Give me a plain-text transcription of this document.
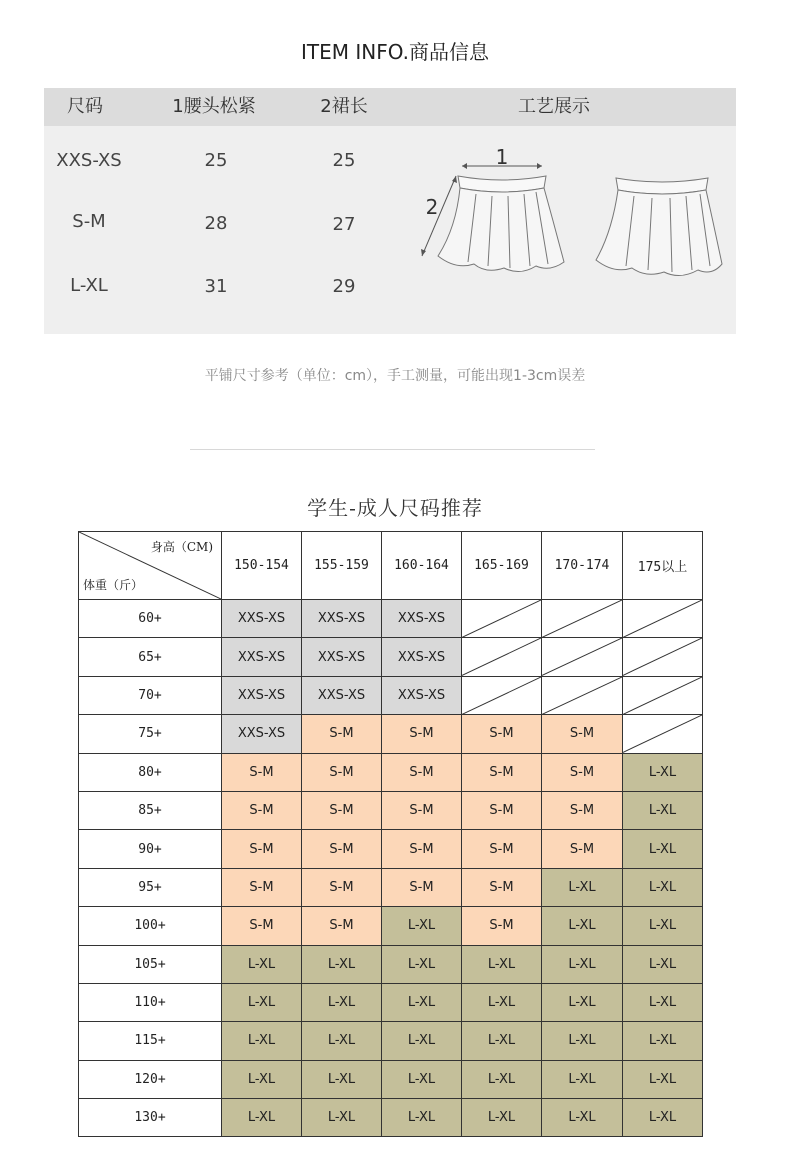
ITEM INFO.商品信息
尺码	1腰头松紧	2裙长	工艺展示
XXS-XS	25	25
S-M	28	27
L-XL	31	29
1
2
平铺尺寸参考（单位：cm），手工测量，可能出现1-3cm误差
学生-成人尺码推荐
身高（CM)
体重（斤）	150-154	155-159	160-164	165-169	170-174	175以上
60+	XXS-XS	XXS-XS	XXS-XS	

65+	XXS-XS	XXS-XS	XXS-XS	

70+	XXS-XS	XXS-XS	XXS-XS	

75+	XXS-XS	S-M	S-M	S-M	S-M	

80+	S-M	S-M	S-M	S-M	S-M	L-XL
85+	S-M	S-M	S-M	S-M	S-M	L-XL
90+	S-M	S-M	S-M	S-M	S-M	L-XL
95+	S-M	S-M	S-M	S-M	L-XL	L-XL
100+	S-M	S-M	L-XL	S-M	L-XL	L-XL
105+	L-XL	L-XL	L-XL	L-XL	L-XL	L-XL
110+	L-XL	L-XL	L-XL	L-XL	L-XL	L-XL
115+	L-XL	L-XL	L-XL	L-XL	L-XL	L-XL
120+	L-XL	L-XL	L-XL	L-XL	L-XL	L-XL
130+	L-XL	L-XL	L-XL	L-XL	L-XL	L-XL
